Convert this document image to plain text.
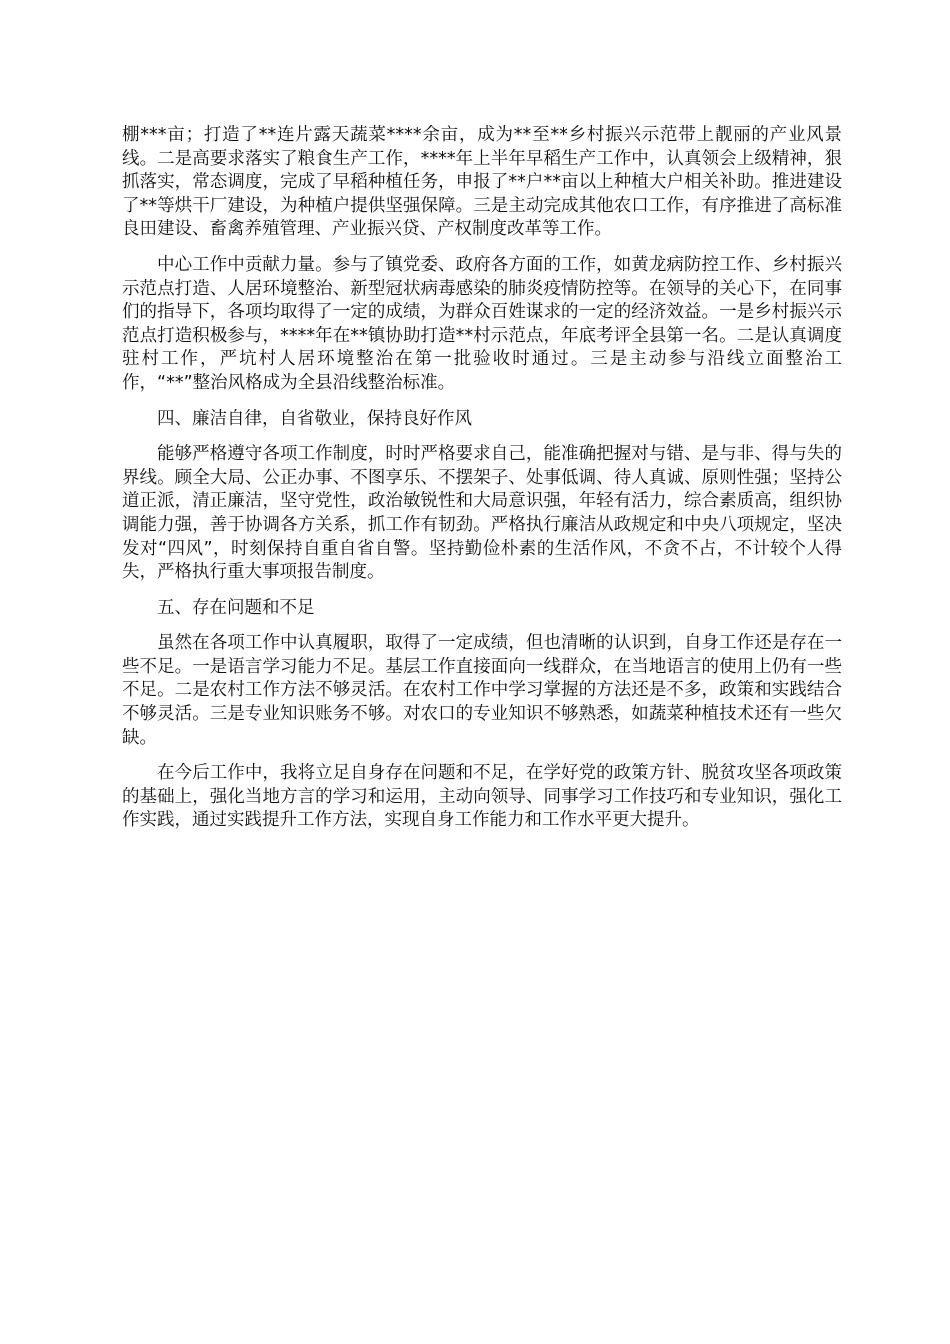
棚***亩；打造了**连片露天蔬菜****余亩，成为**至**乡村振兴示范带上靓丽的产业风景线。二是高要求落实了粮食生产工作，****年上半年早稻生产工作中，认真领会上级精神，狠抓落实，常态调度，完成了早稻种植任务，申报了**户**亩以上种植大户相关补助。推进建设了**等烘干厂建设，为种植户提供坚强保障。三是主动完成其他农口工作，有序推进了高标准良田建设、畜禽养殖管理、产业振兴贷、产权制度改革等工作。

中心工作中贡献力量。参与了镇党委、政府各方面的工作，如黄龙病防控工作、乡村振兴示范点打造、人居环境整治、新型冠状病毒感染的肺炎疫情防控等。在领导的关心下，在同事们的指导下，各项均取得了一定的成绩，为群众百姓谋求的一定的经济效益。一是乡村振兴示范点打造积极参与，****年在**镇协助打造**村示范点，年底考评全县第一名。二是认真调度驻村工作，严坑村人居环境整治在第一批验收时通过。三是主动参与沿线立面整治工作，“**”整治风格成为全县沿线整治标准。

四、廉洁自律，自省敬业，保持良好作风

能够严格遵守各项工作制度，时时严格要求自己，能准确把握对与错、是与非、得与失的界线。顾全大局、公正办事、不图享乐、不摆架子、处事低调、待人真诚、原则性强；坚持公道正派，清正廉洁，坚守党性，政治敏锐性和大局意识强，年轻有活力，综合素质高，组织协调能力强，善于协调各方关系，抓工作有韧劲。严格执行廉洁从政规定和中央八项规定，坚决发对“四风”，时刻保持自重自省自警。坚持勤俭朴素的生活作风，不贪不占，不计较个人得失，严格执行重大事项报告制度。

五、存在问题和不足

虽然在各项工作中认真履职，取得了一定成绩，但也清晰的认识到，自身工作还是存在一些不足。一是语言学习能力不足。基层工作直接面向一线群众，在当地语言的使用上仍有一些不足。二是农村工作方法不够灵活。在农村工作中学习掌握的方法还是不多，政策和实践结合不够灵活。三是专业知识账务不够。对农口的专业知识不够熟悉，如蔬菜种植技术还有一些欠缺。

在今后工作中，我将立足自身存在问题和不足，在学好党的政策方针、脱贫攻坚各项政策的基础上，强化当地方言的学习和运用，主动向领导、同事学习工作技巧和专业知识，强化工作实践，通过实践提升工作方法，实现自身工作能力和工作水平更大提升。
